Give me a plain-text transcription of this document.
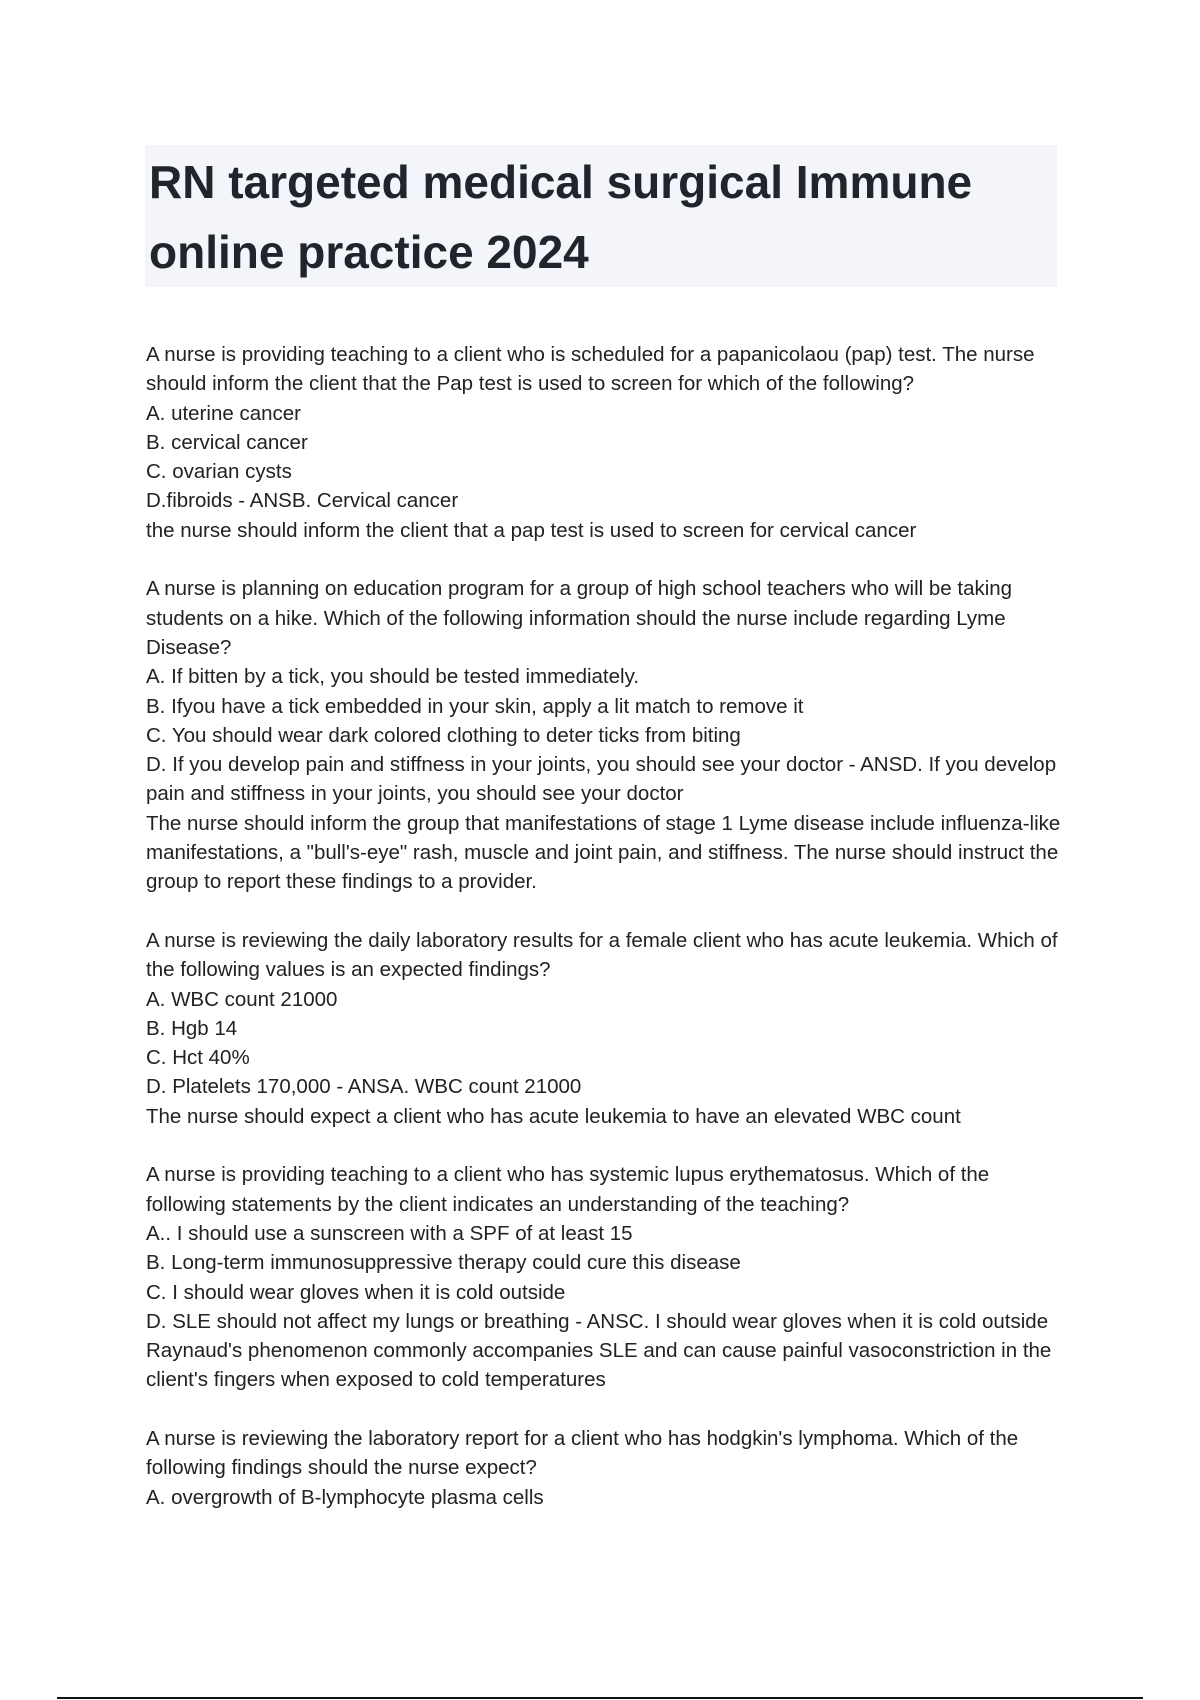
RN targeted medical surgical Immune online practice 2024

A nurse is providing teaching to a client who is scheduled for a papanicolaou (pap) test. The nurse should inform the client that the Pap test is used to screen for which of the following?

A. uterine cancer

B. cervical cancer

C. ovarian cysts

D.fibroids - ANSB. Cervical cancer

the nurse should inform the client that a pap test is used to screen for cervical cancer

A nurse is planning on education program for a group of high school teachers who will be taking students on a hike. Which of the following information should the nurse include regarding Lyme Disease?

A. If bitten by a tick, you should be tested immediately.

B. Ifyou have a tick embedded in your skin, apply a lit match to remove it

C. You should wear dark colored clothing to deter ticks from biting

D. If you develop pain and stiffness in your joints, you should see your doctor - ANSD. If you develop pain and stiffness in your joints, you should see your doctor

The nurse should inform the group that manifestations of stage 1 Lyme disease include influenza-like manifestations, a "bull's-eye" rash, muscle and joint pain, and stiffness. The nurse should instruct the group to report these findings to a provider.

A nurse is reviewing the daily laboratory results for a female client who has acute leukemia. Which of the following values is an expected findings?

A. WBC count 21000

B. Hgb 14

C. Hct 40%

D. Platelets 170,000 - ANSA. WBC count 21000

The nurse should expect a client who has acute leukemia to have an elevated WBC count

A nurse is providing teaching to a client who has systemic lupus erythematosus. Which of the following statements by the client indicates an understanding of the teaching?

A.. I should use a sunscreen with a SPF of at least 15

B. Long-term immunosuppressive therapy could cure this disease

C. I should wear gloves when it is cold outside

D. SLE should not affect my lungs or breathing - ANSC. I should wear gloves when it is cold outside

Raynaud's phenomenon commonly accompanies SLE and can cause painful vasoconstriction in the client's fingers when exposed to cold temperatures

A nurse is reviewing the laboratory report for a client who has hodgkin's lymphoma. Which of the following findings should the nurse expect?

A. overgrowth of B-lymphocyte plasma cells
